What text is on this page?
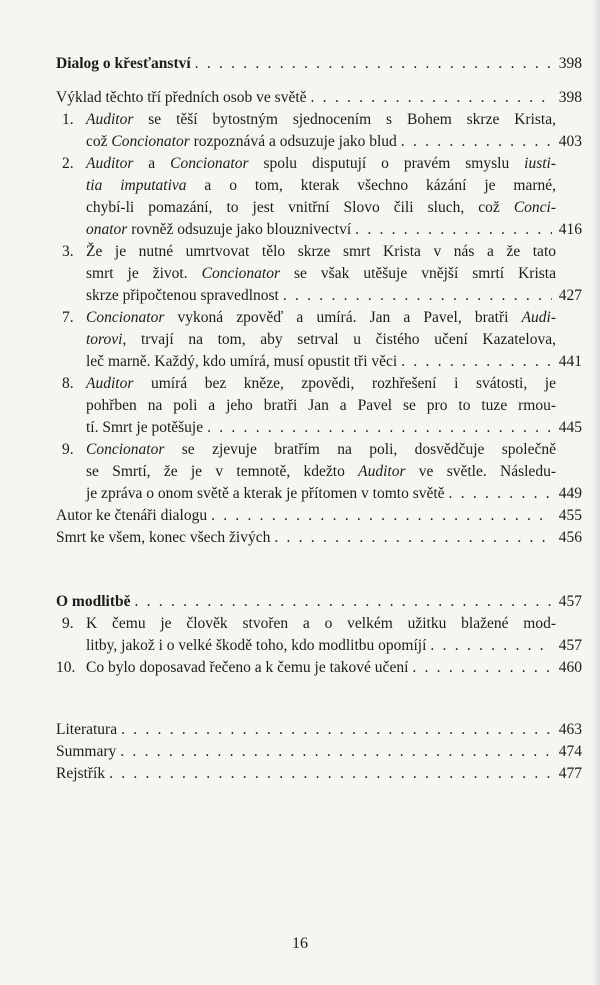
Dialog o křesťanství . . .	398
Výklad těchto tří předních osob ve světě . . .	398
1. Auditor se těší bytostným sjednocením s Bohem skrze Krista,
což Concionator rozpoznává a odsuzuje jako blud . . .	403
2. Auditor a Concionator spolu disputují o pravém smyslu iusti-
tia imputativa a o tom, kterak všechno kázání je marné,
chybí-li pomazání, to jest vnitřní Slovo čili sluch, což Conci-
onator rovněž odsuzuje jako blouznivectví . . .	416
3. Že je nutné umrtvovat tělo skrze smrt Krista v nás a že tato
smrt je život. Concionator se však utěšuje vnější smrtí Krista
skrze připočtenou spravedlnost . . .	427
7. Concionator vykoná zpověď a umírá. Jan a Pavel, bratři Audi-
torovi, trvají na tom, aby setrval u čistého učení Kazatelova,
leč marně. Každý, kdo umírá, musí opustit tři věci . . .	441
8. Auditor umírá bez kněze, zpovědi, rozhřešení i svátosti, je
pohřben na poli a jeho bratři Jan a Pavel se pro to tuze rmou-
tí. Smrt je potěšuje . . .	445
9. Concionator se zjevuje bratřím na poli, dosvědčuje společně
se Smrtí, že je v temnotě, kdežto Auditor ve světle. Následu-
je zpráva o onom světě a kterak je přítomen v tomto světě . . .	449
Autor ke čtenáři dialogu . . .	455
Smrt ke všem, konec všech živých . . .	456
O modlitbě . . .	457
9. K čemu je člověk stvořen a o velkém užitku blažené mod-
litby, jakož i o velké škodě toho, kdo modlitbu opomíjí . . .	457
10. Co bylo doposavad řečeno a k čemu je takové učení . . .	460
Literatura . . .	463
Summary . . .	474
Rejstřík . . .	477
16
